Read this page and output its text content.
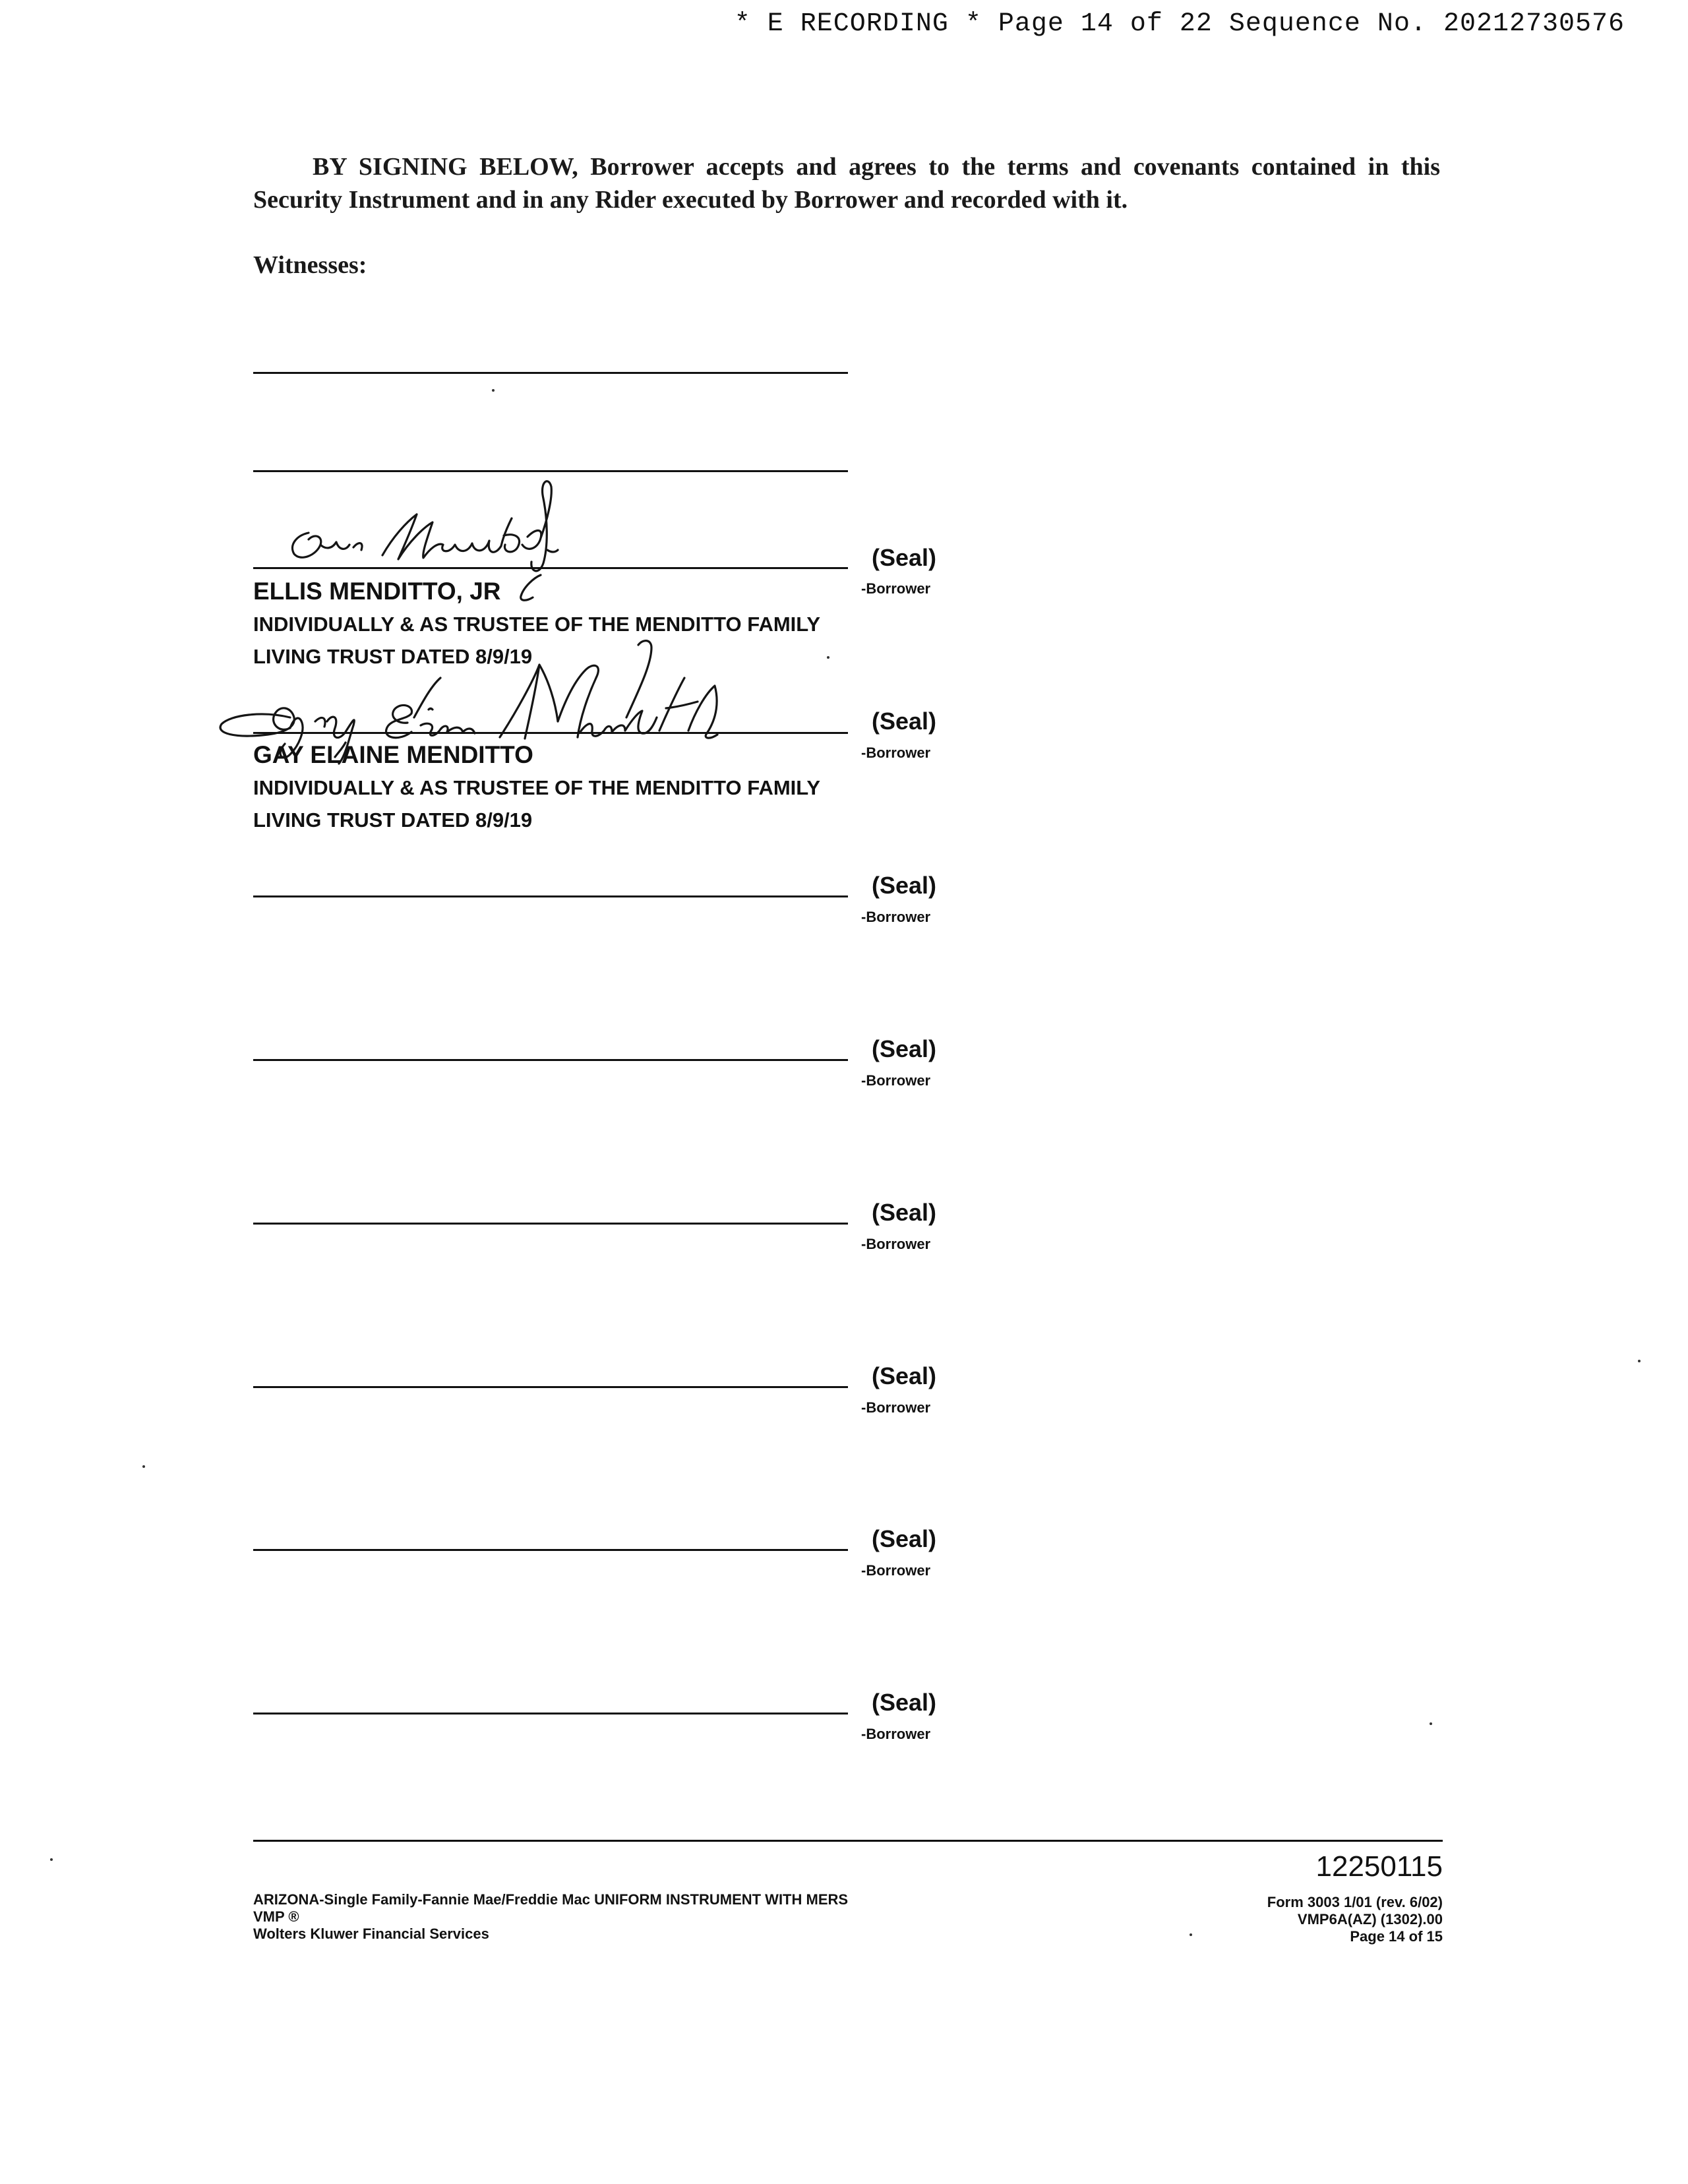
* E RECORDING * Page 14 of 22 Sequence No. 20212730576
BY SIGNING BELOW, Borrower accepts and agrees to the terms and covenants contained in this Security Instrument and in any Rider executed by Borrower and recorded with it.
Witnesses:
(Seal)
-Borrower
ELLIS MENDITTO, JR
INDIVIDUALLY & AS TRUSTEE OF THE MENDITTO FAMILY
LIVING TRUST DATED 8/9/19
(Seal)
-Borrower
GAY ELAINE MENDITTO
INDIVIDUALLY & AS TRUSTEE OF THE MENDITTO FAMILY
LIVING TRUST DATED 8/9/19
(Seal)
-Borrower
(Seal)
-Borrower
(Seal)
-Borrower
(Seal)
-Borrower
(Seal)
-Borrower
(Seal)
-Borrower
12250115
ARIZONA-Single Family-Fannie Mae/Freddie Mac UNIFORM INSTRUMENT WITH MERS
VMP ®
Wolters Kluwer Financial Services
Form 3003 1/01 (rev. 6/02)
VMP6A(AZ) (1302).00
Page 14 of 15
